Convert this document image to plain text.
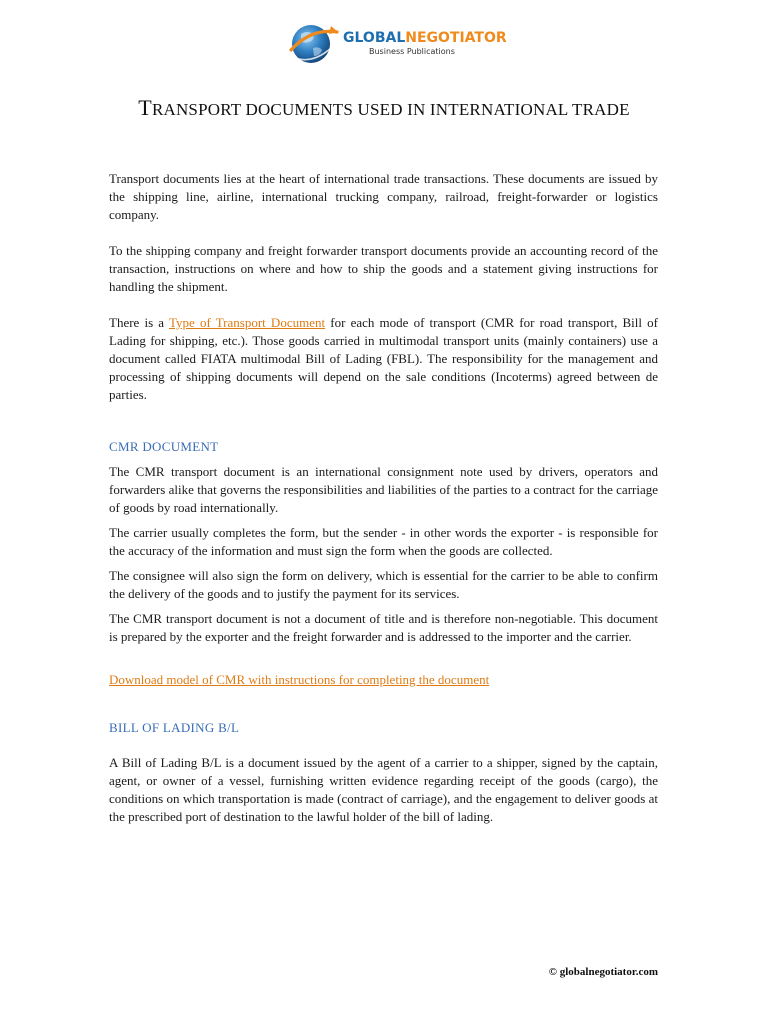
GLOBALNEGOTIATOR
Business Publications
TRANSPORT DOCUMENTS USED IN INTERNATIONAL TRADE

Transport documents lies at the heart of international trade transactions. These documents are issued by the shipping line, airline, international trucking company, railroad, freight-forwarder or logistics company.

To the shipping company and freight forwarder transport documents provide an accounting record of the transaction, instructions on where and how to ship the goods and a statement giving instructions for handling the shipment.

There is a Type of Transport Document for each mode of transport (CMR for road transport, Bill of Lading for shipping, etc.). Those goods carried in multimodal transport units (mainly containers) use a document called FIATA multimodal Bill of Lading (FBL). The responsibility for the management and processing of shipping documents will depend on the sale conditions (Incoterms) agreed between de parties.

CMR DOCUMENT

The CMR transport document is an international consignment note used by drivers, operators and forwarders alike that governs the responsibilities and liabilities of the parties to a contract for the carriage of goods by road internationally.

The carrier usually completes the form, but the sender - in other words the exporter - is responsible for the accuracy of the information and must sign the form when the goods are collected.

The consignee will also sign the form on delivery, which is essential for the carrier to be able to confirm the delivery of the goods and to justify the payment for its services.

The CMR transport document is not a document of title and is therefore non-negotiable. This document is prepared by the exporter and the freight forwarder and is addressed to the importer and the carrier.

Download model of CMR with instructions for completing the document

BILL OF LADING B/L

A Bill of Lading B/L is a document issued by the agent of a carrier to a shipper, signed by the captain, agent, or owner of a vessel, furnishing written evidence regarding receipt of the goods (cargo), the conditions on which transportation is made (contract of carriage), and the engagement to deliver goods at the prescribed port of destination to the lawful holder of the bill of lading.

© globalnegotiator.com
